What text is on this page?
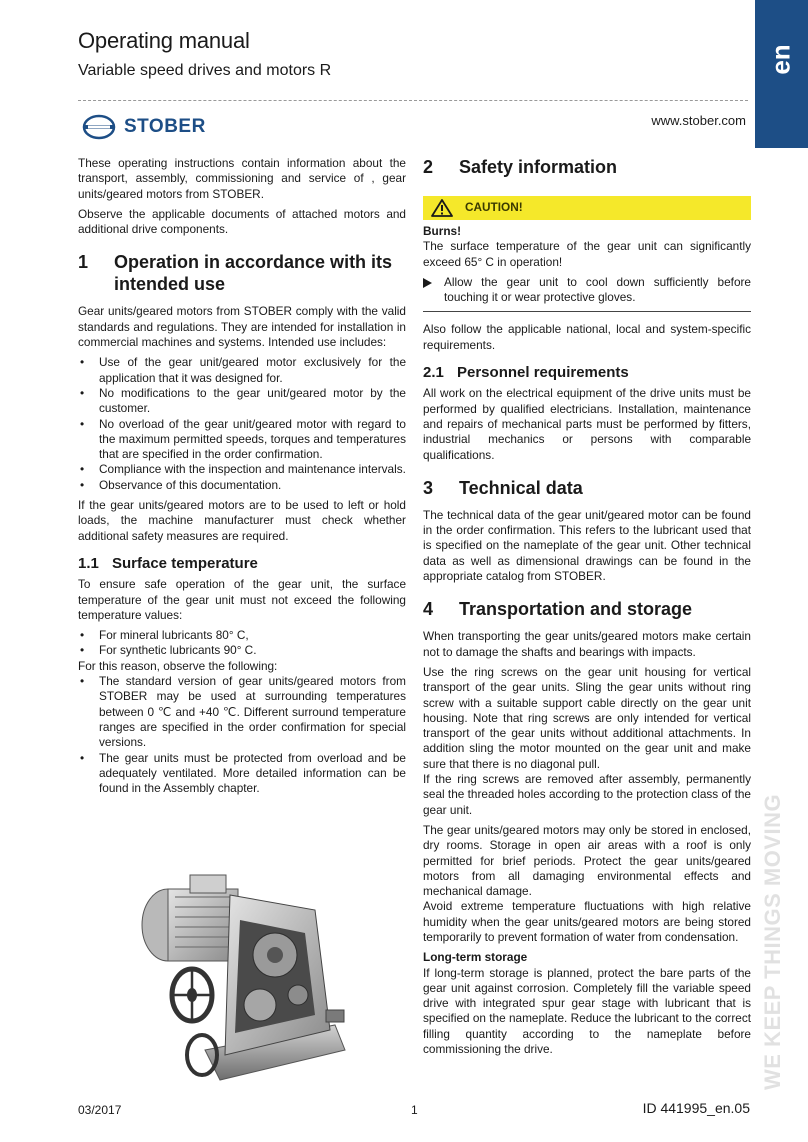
Operating manual
Variable speed drives and motors R	en
STOBER	www.stober.com

These operating instructions contain information about the transport, assembly, commissioning and service of , gear units/geared motors from STOBER.

Observe the applicable documents of attached motors and additional drive components.

1	Operation in accordance with its intended use

Gear units/geared motors from STOBER comply with the valid standards and regulations. They are intended for installation in commercial machines and systems. Intended use includes:

• Use of the gear unit/geared motor exclusively for the application that it was designed for.
• No modifications to the gear unit/geared motor by the customer.
• No overload of the gear unit/geared motor with regard to the maximum permitted speeds, torques and temperatures that are specified in the order confirmation.
• Compliance with the inspection and maintenance intervals.
• Observance of this documentation.

If the gear units/geared motors are to be used to left or hold loads, the machine manufacturer must check whether additional safety measures are required.

1.1 Surface temperature

To ensure safe operation of the gear unit, the surface temperature of the gear unit must not exceed the following temperature values:

• For mineral lubricants 80° C,
• For synthetic lubricants 90° C.

For this reason, observe the following:

• The standard version of gear units/geared motors from STOBER may be used at surrounding temperatures between 0 ℃ and +40 ℃. Different surround temperature ranges are specified in the order confirmation for special versions.
• The gear units must be protected from overload and be adequately ventilated. More detailed information can be found in the Assembly chapter.
2	Safety information
CAUTION!
Burns!

The surface temperature of the gear unit can significantly exceed 65° C in operation!

Allow the gear unit to cool down sufficiently before touching it or wear protective gloves.

Also follow the applicable national, local and system-specific requirements.

2.1 Personnel requirements

All work on the electrical equipment of the drive units must be performed by qualified electricians. Installation, maintenance and repairs of mechanical parts must be performed by fitters, industrial mechanics or persons with comparable qualifications.

3	Technical data

The technical data of the gear unit/geared motor can be found in the order confirmation. This refers to the lubricant used that is specified on the nameplate of the gear unit. Other technical data as well as dimensional drawings can be found in the appropriate catalog from STOBER.

4	Transportation and storage

When transporting the gear units/geared motors make certain not to damage the shafts and bearings with impacts.

Use the ring screws on the gear unit housing for vertical transport of the gear units. Sling the gear units without ring screw with a suitable support cable directly on the gear unit housing. Note that ring screws are only intended for vertical transport of the gear units without additional attachments. In addition sling the motor mounted on the gear unit and make sure that there is no diagonal pull.

If the ring screws are removed after assembly, permanently seal the threaded holes according to the protection class of the gear unit.

The gear units/geared motors may only be stored in enclosed, dry rooms. Storage in open air areas with a roof is only permitted for brief periods. Protect the gear units/geared motors from all damaging environmental effects and mechanical damage.

Avoid extreme temperature fluctuations with high relative humidity when the gear units/geared motors are being stored temporarily to prevent formation of water from condensation.

Long-term storage

If long-term storage is planned, protect the bare parts of the gear unit against corrosion. Completely fill the variable speed drive with integrated spur gear stage with lubricant that is specified on the nameplate. Reduce the lubricant to the correct filling quantity according to the nameplate before commissioning the drive.	WE KEEP THINGS MOVING
03/2017	1	ID 441995_en.05
